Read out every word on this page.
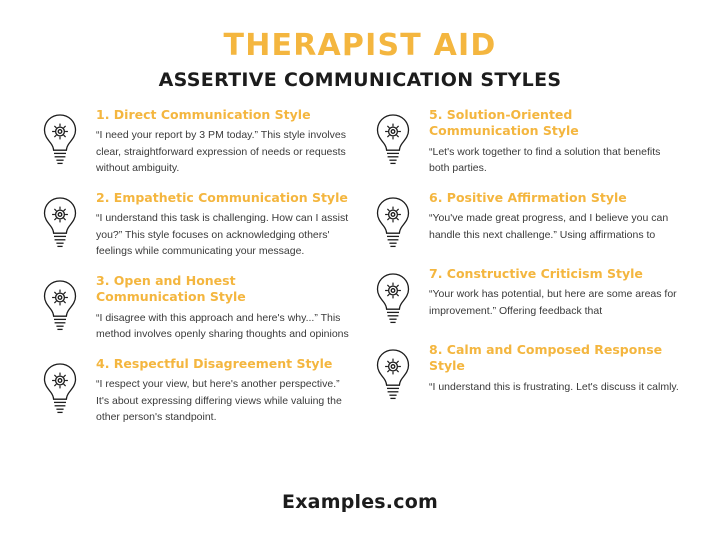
THERAPIST AID
ASSERTIVE COMMUNICATION STYLES
1. Direct Communication Style
“I need your report by 3 PM today.” This style involves clear, straightforward expression of needs or requests without ambiguity.
2. Empathetic Communication Style
“I understand this task is challenging. How can I assist you?” This style focuses on acknowledging others' feelings while communicating your message.
3. Open and Honest Communication Style
“I disagree with this approach and here's why...” This method involves openly sharing thoughts and opinions
4. Respectful Disagreement Style
“I respect your view, but here's another perspective.” It's about expressing differing views while valuing the other person's standpoint.
5. Solution-Oriented Communication Style
“Let's work together to find a solution that benefits both parties.
6. Positive Affirmation Style
“You've made great progress, and I believe you can handle this next challenge.” Using affirmations to
7. Constructive Criticism Style
“Your work has potential, but here are some areas for improvement.” Offering feedback that
8. Calm and Composed Response Style
“I understand this is frustrating. Let's discuss it calmly.
Examples.com
